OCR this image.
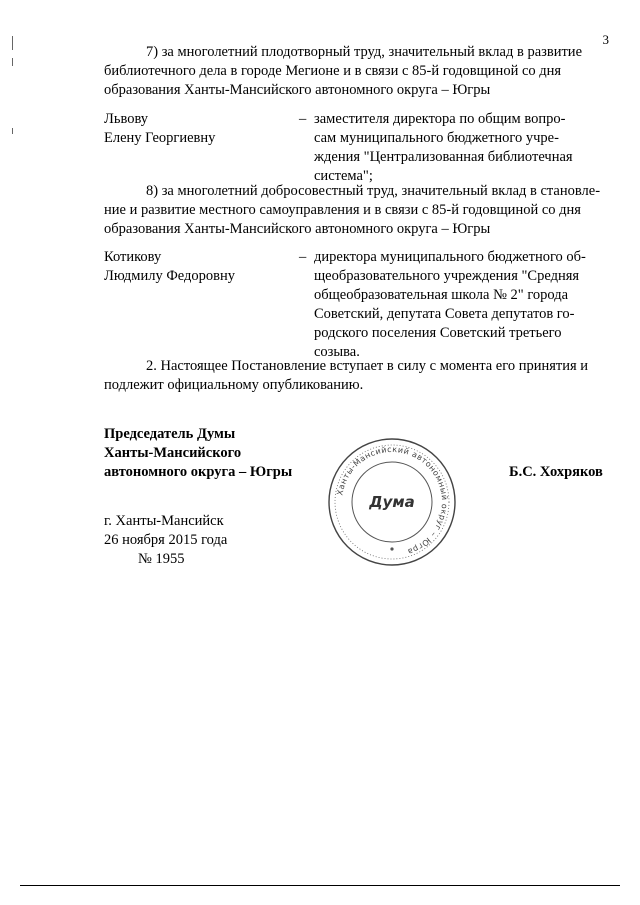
3

7) за многолетний плодотворный труд, значительный вклад в развитие
библиотечного дела в городе Мегионе и в связи с 85-й годовщиной со дня
образования Ханты-Мансийского автономного округа – Югры

Львову
Елену Георгиевну
– заместителя директора по общим вопро-
сам муниципального бюджетного учре-
ждения "Централизованная библиотечная
система";

8) за многолетний добросовестный труд, значительный вклад в становле-
ние и развитие местного самоуправления и в связи с 85-й годовщиной со дня
образования Ханты-Мансийского автономного округа – Югры

Котикову
Людмилу Федоровну
– директора муниципального бюджетного об-
щеобразовательного учреждения "Средняя
общеобразовательная школа № 2" города
Советский, депутата Совета депутатов го-
родского поселения Советский третьего
созыва.

2. Настоящее Постановление вступает в силу с момента его принятия и
подлежит официальному опубликованию.

Председатель Думы
Ханты-Мансийского
автономного округа – Югры	Б.С. Хохряков
Ханты-Мансийский автономный округ – Югра
Дума
г. Ханты-Мансийск
26 ноября 2015 года
№ 1955
